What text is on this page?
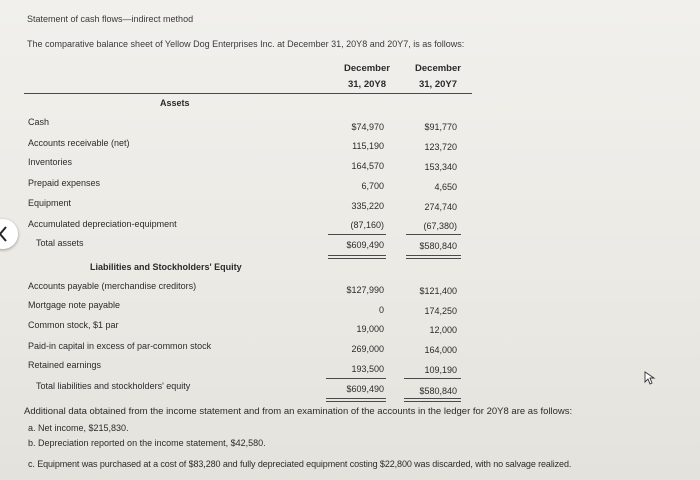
Statement of cash flows—indirect method
The comparative balance sheet of Yellow Dog Enterprises Inc. at December 31, 20Y8 and 20Y7, is as follows:
December
31, 20Y8
December
31, 20Y7
Assets
Cash	$74,970	$91,770
Accounts receivable (net)	115,190	123,720
Inventories	164,570	153,340
Prepaid expenses	6,700	4,650
Equipment	335,220	274,740
Accumulated depreciation-equipment	(87,160)	(67,380)
Total assets	$609,490	$580,840
Liabilities and Stockholders' Equity
Accounts payable (merchandise creditors)	$127,990	$121,400
Mortgage note payable	0	174,250
Common stock, $1 par	19,000	12,000
Paid-in capital in excess of par-common stock	269,000	164,000
Retained earnings	193,500	109,190
Total liabilities and stockholders' equity	$609,490	$580,840
Additional data obtained from the income statement and from an examination of the accounts in the ledger for 20Y8 are as follows:
a. Net income, $215,830.
b. Depreciation reported on the income statement, $42,580.
c. Equipment was purchased at a cost of $83,280 and fully depreciated equipment costing $22,800 was discarded, with no salvage realized.
